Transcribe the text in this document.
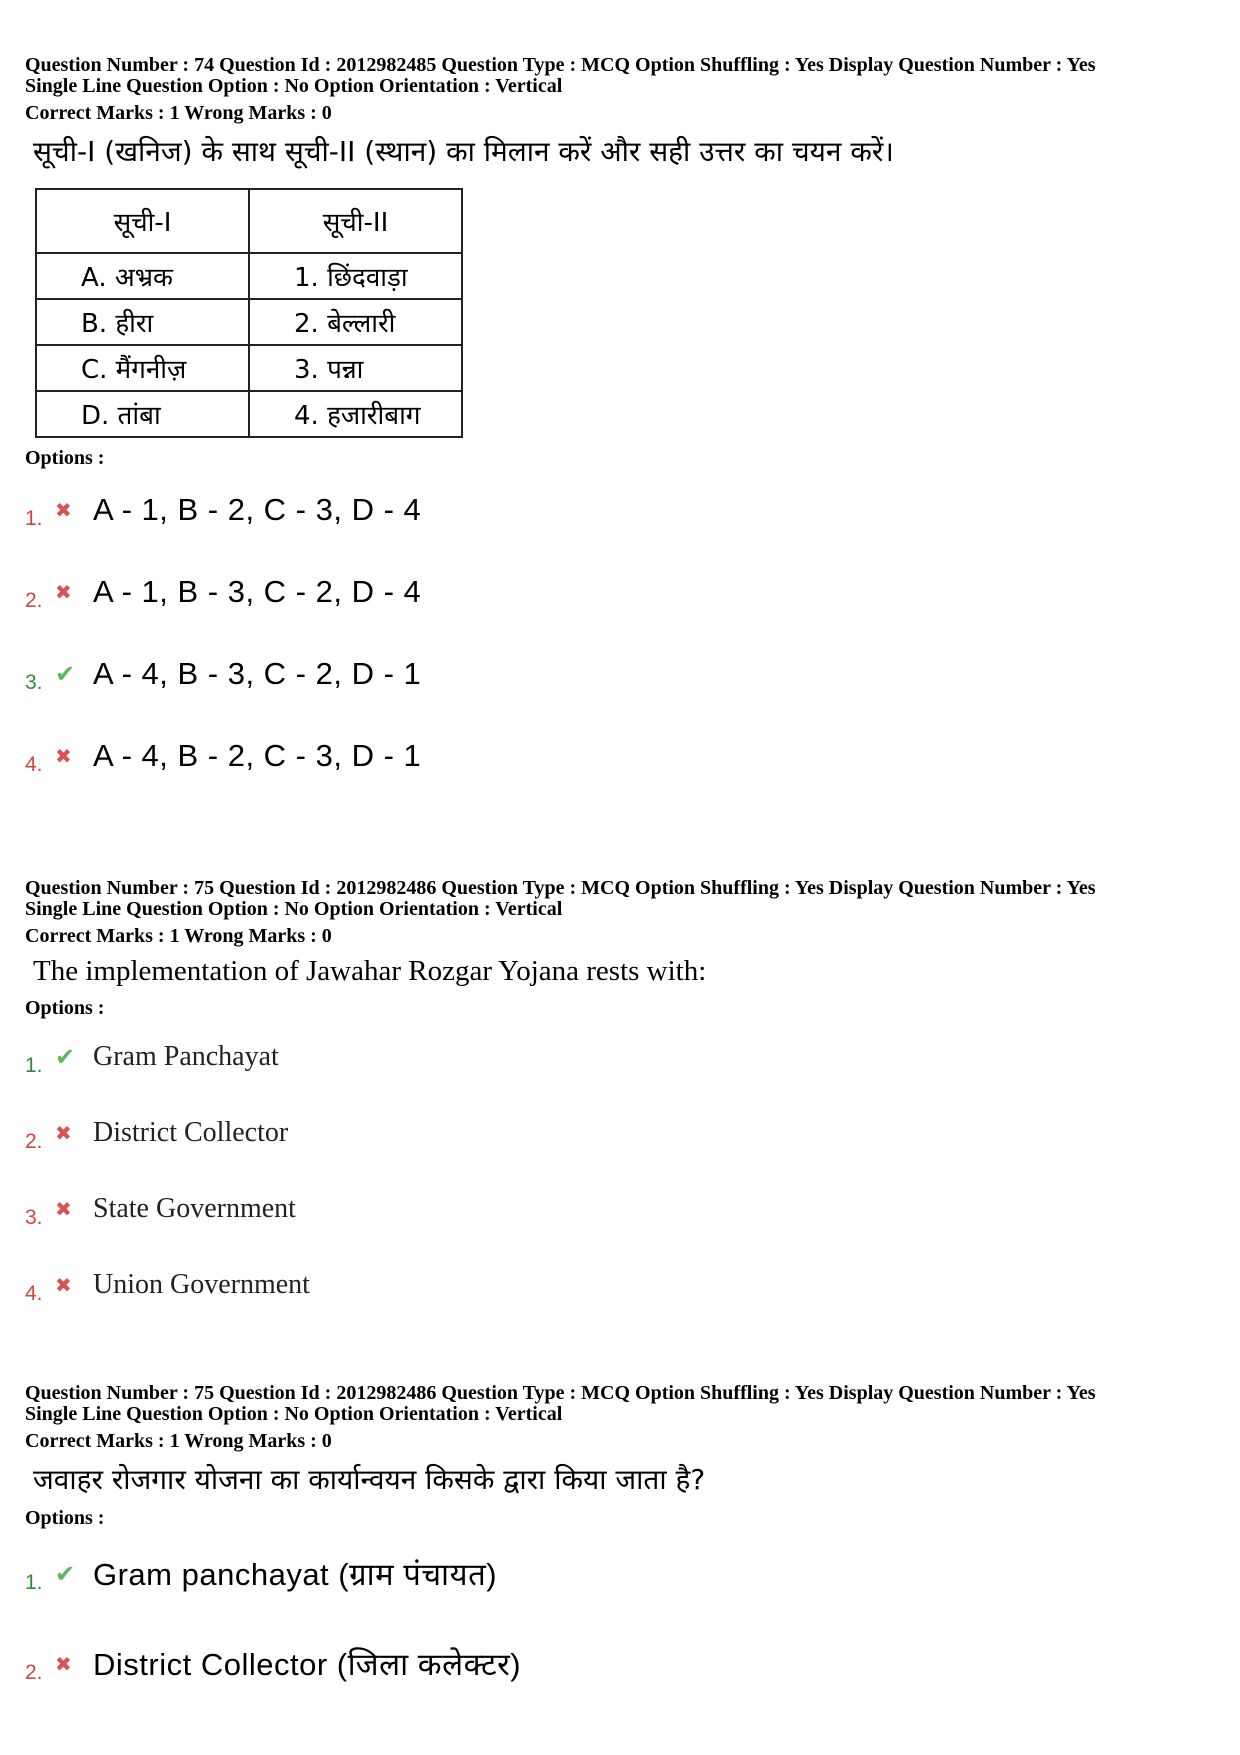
Question Number : 74 Question Id : 2012982485 Question Type : MCQ Option Shuffling : Yes Display Question Number : Yes
Single Line Question Option : No Option Orientation : Vertical
Correct Marks : 1 Wrong Marks : 0
सूची-I (खनिज) के साथ सूची-II (स्थान) का मिलान करें और सही उत्तर का चयन करें।
सूची-I	सूची-II
A. अभ्रक	1. छिंदवाड़ा
B. हीरा	2. बेल्लारी
C. मैंगनीज़	3. पन्ना
D. तांबा	4. हजारीबाग
Options :
1. ✖ A - 1, B - 2, C - 3, D - 4
2. ✖ A - 1, B - 3, C - 2, D - 4
3. ✔ A - 4, B - 3, C - 2, D - 1
4. ✖ A - 4, B - 2, C - 3, D - 1
Question Number : 75 Question Id : 2012982486 Question Type : MCQ Option Shuffling : Yes Display Question Number : Yes
Single Line Question Option : No Option Orientation : Vertical
Correct Marks : 1 Wrong Marks : 0
The implementation of Jawahar Rozgar Yojana rests with:
Options :
1. ✔ Gram Panchayat
2. ✖ District Collector
3. ✖ State Government
4. ✖ Union Government
Question Number : 75 Question Id : 2012982486 Question Type : MCQ Option Shuffling : Yes Display Question Number : Yes
Single Line Question Option : No Option Orientation : Vertical
Correct Marks : 1 Wrong Marks : 0
जवाहर रोजगार योजना का कार्यान्वयन किसके द्वारा किया जाता है?
Options :
1. ✔ Gram panchayat (ग्राम पंचायत)
2. ✖ District Collector (जिला कलेक्टर)
